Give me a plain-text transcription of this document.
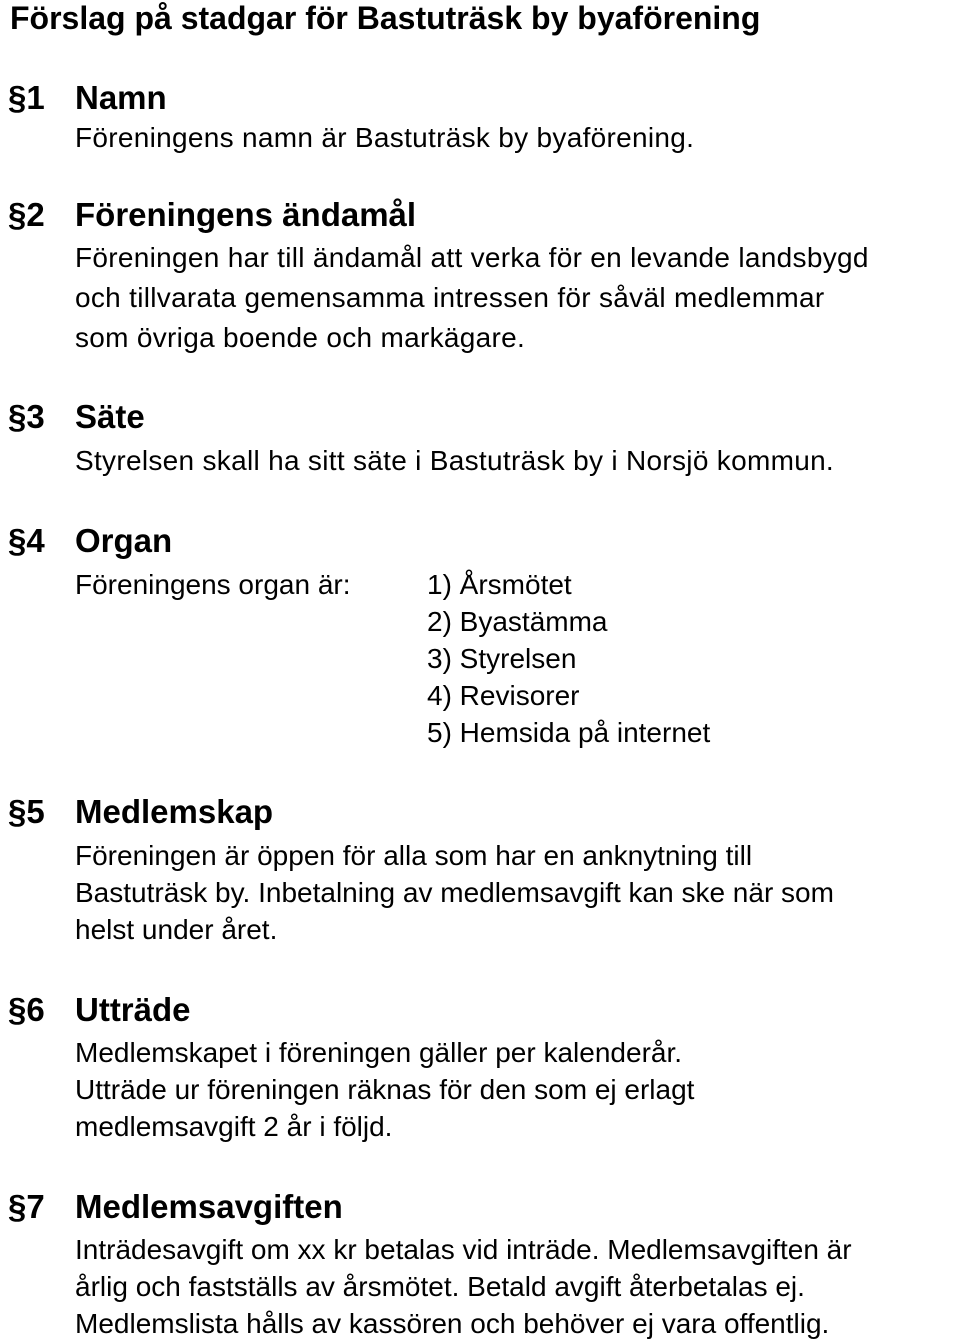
Förslag på stadgar för Bastuträsk by byaförening
§1 Namn
Föreningens namn är Bastuträsk by byaförening.
§2 Föreningens ändamål
Föreningen har till ändamål att verka för en levande landsbygd
och tillvarata gemensamma intressen för såväl medlemmar
som övriga boende och markägare.
§3 Säte
Styrelsen skall ha sitt säte i Bastuträsk by i Norsjö kommun.
§4 Organ
Föreningens organ är:	1) Årsmötet
2) Byastämma
3) Styrelsen
4) Revisorer
5) Hemsida på internet
§5 Medlemskap
Föreningen är öppen för alla som har en anknytning till
Bastuträsk by. Inbetalning av medlemsavgift kan ske när som
helst under året.
§6 Utträde
Medlemskapet i föreningen gäller per kalenderår.
Utträde ur föreningen räknas för den som ej erlagt
medlemsavgift 2 år i följd.
§7 Medlemsavgiften
Inträdesavgift om xx kr betalas vid inträde. Medlemsavgiften är
årlig och fastställs av årsmötet. Betald avgift återbetalas ej.
Medlemslista hålls av kassören och behöver ej vara offentlig.
